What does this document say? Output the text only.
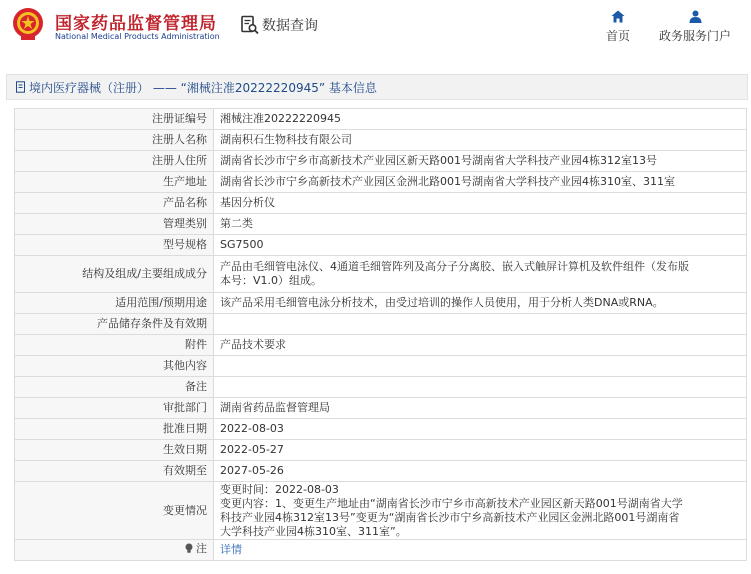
国家药品监督管理局
National Medical Products Administration
数据查询
首页	政务服务门户
境内医疗器械（注册） —— “湘械注准20222220945” 基本信息
注册证编号	湘械注准20222220945
注册人名称	湖南积石生物科技有限公司
注册人住所	湖南省长沙市宁乡市高新技术产业园区新天路001号湖南省大学科技产业园4栋312室13号
生产地址	湖南省长沙市宁乡高新技术产业园区金洲北路001号湖南省大学科技产业园4栋310室、311室
产品名称	基因分析仪
管理类别	第二类
型号规格	SG7500
结构及组成/主要组成成分	产品由毛细管电泳仪、4通道毛细管阵列及高分子分离胶、嵌入式触屏计算机及软件组件（发布版
本号：V1.0）组成。

适用范围/预期用途	该产品采用毛细管电泳分析技术，由受过培训的操作人员使用，用于分析人类DNA或RNA。
产品储存条件及有效期	
附件	产品技术要求
其他内容	
备注	
审批部门	湖南省药品监督管理局
批准日期	2022-08-03
生效日期	2022-05-27
有效期至	2027-05-26
变更情况	变更时间：2022-08-03
变更内容：1、变更生产地址由“湖南省长沙市宁乡市高新技术产业园区新天路001号湖南省大学
科技产业园4栋312室13号”变更为“湖南省长沙市宁乡高新技术产业园区金洲北路001号湖南省
大学科技产业园4栋310室、311室”。

注	详情
